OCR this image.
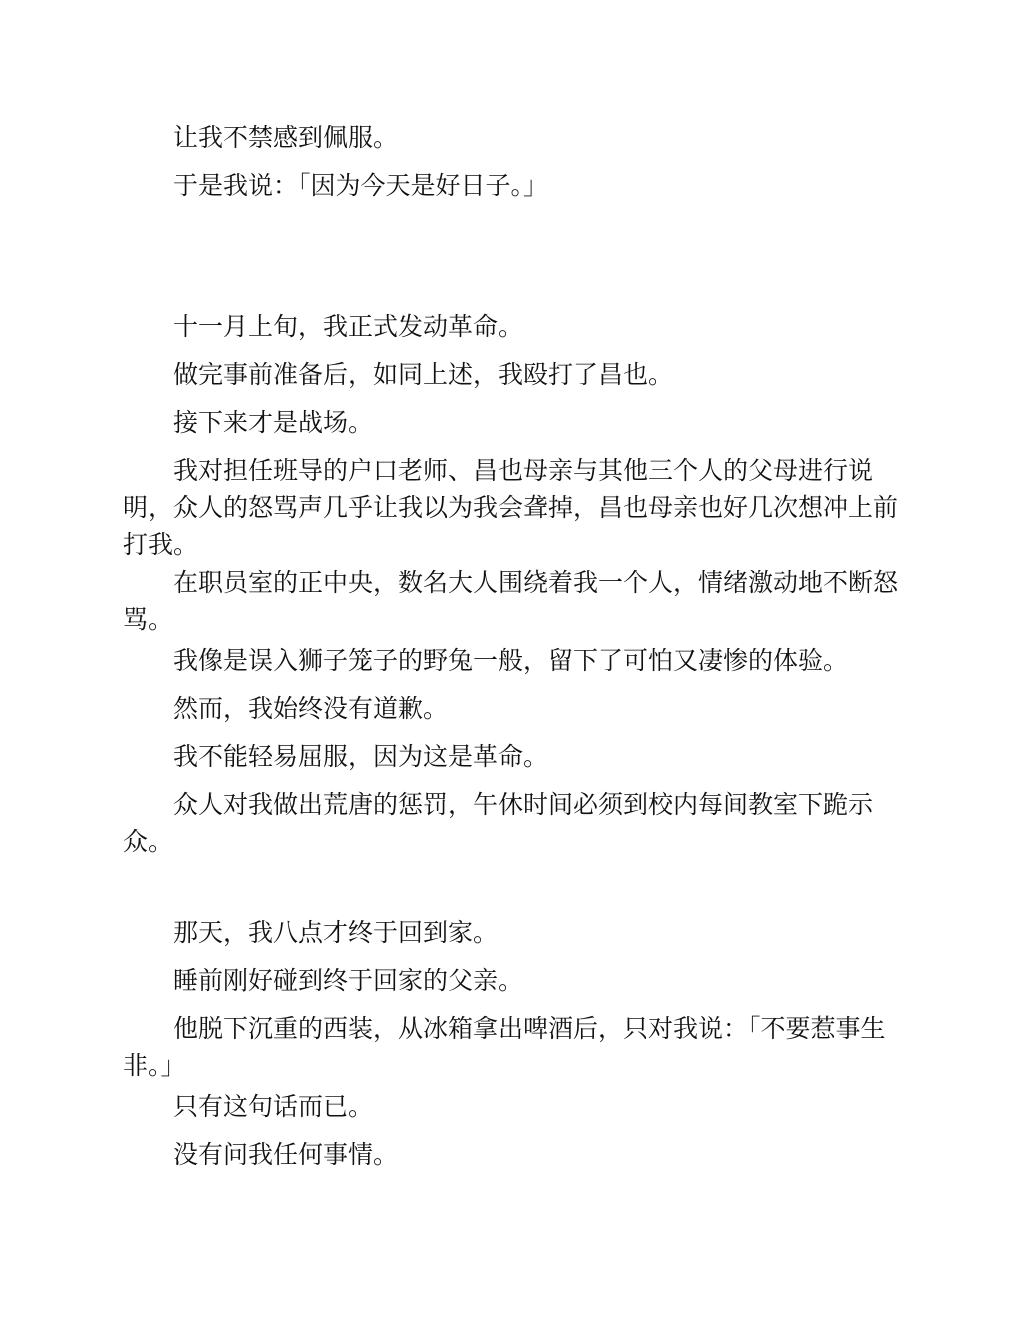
让我不禁感到佩服。

于是我说：「因为今天是好日子。」

十一月上旬，我正式发动革命。

做完事前准备后，如同上述，我殴打了昌也。

接下来才是战场。

我对担任班导的户口老师、昌也母亲与其他三个人的父母进行说明，众人的怒骂声几乎让我以为我会聋掉，昌也母亲也好几次想冲上前打我。

在职员室的正中央，数名大人围绕着我一个人，情绪激动地不断怒骂。

我像是误入狮子笼子的野兔一般，留下了可怕又凄惨的体验。

然而，我始终没有道歉。

我不能轻易屈服，因为这是革命。

众人对我做出荒唐的惩罚，午休时间必须到校内每间教室下跪示众。

那天，我八点才终于回到家。

睡前刚好碰到终于回家的父亲。

他脱下沉重的西装，从冰箱拿出啤酒后，只对我说：「不要惹事生非。」

只有这句话而已。

没有问我任何事情。
